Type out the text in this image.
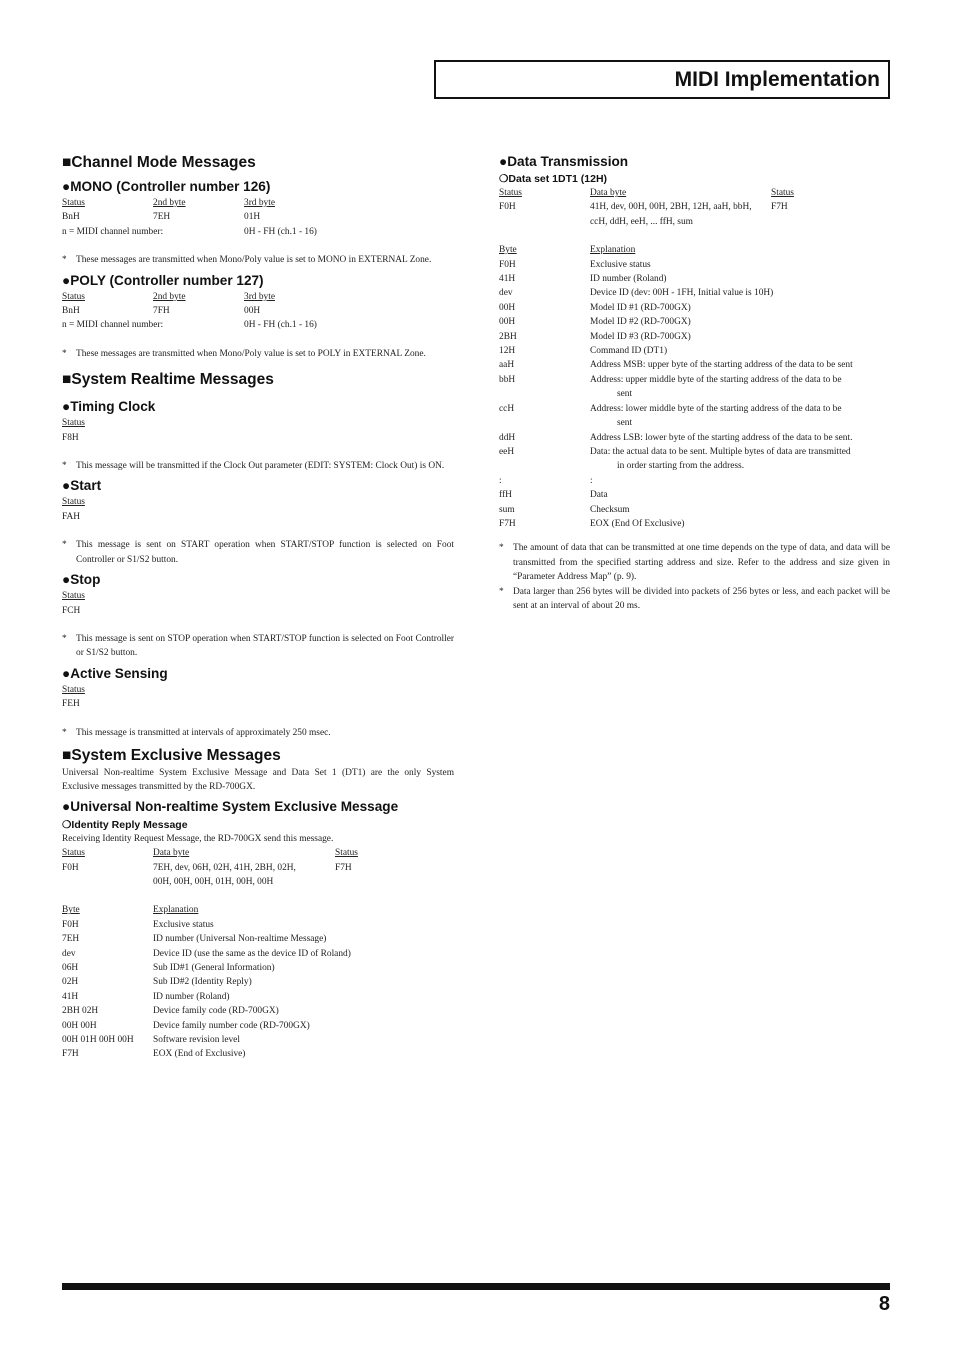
MIDI Implementation
■Channel Mode Messages
●MONO (Controller number 126)
Status	2nd byte	3rd byte
BnH	7EH	01H
n = MIDI channel number:	0H - FH (ch.1 - 16)
* These messages are transmitted when Mono/Poly value is set to MONO in EXTERNAL Zone.
●POLY (Controller number 127)
Status	2nd byte	3rd byte
BnH	7FH	00H
n = MIDI channel number:	0H - FH (ch.1 - 16)
* These messages are transmitted when Mono/Poly value is set to POLY in EXTERNAL Zone.
■System Realtime Messages
●Timing Clock
Status
F8H
* This message will be transmitted if the Clock Out parameter (EDIT: SYSTEM: Clock Out) is ON.
●Start
Status
FAH
* This message is sent on START operation when START/STOP function is selected on Foot Controller or S1/S2 button.
●Stop
Status
FCH
* This message is sent on STOP operation when START/STOP function is selected on Foot Controller or S1/S2 button.
●Active Sensing
Status
FEH
* This message is transmitted at intervals of approximately 250 msec.
■System Exclusive Messages
Universal Non-realtime System Exclusive Message and Data Set 1 (DT1) are the only System Exclusive messages transmitted by the RD-700GX.
●Universal Non-realtime System Exclusive Message
❍Identity Reply Message
Receiving Identity Request Message, the RD-700GX send this message.
Status	Data byte	Status
F0H	7EH, dev, 06H, 02H, 41H, 2BH, 02H,	F7H
00H, 00H, 00H, 01H, 00H, 00H
Byte	Explanation
F0H	Exclusive status
7EH	ID number (Universal Non-realtime Message)
dev	Device ID (use the same as the device ID of Roland)
06H	Sub ID#1 (General Information)
02H	Sub ID#2 (Identity Reply)
41H	ID number (Roland)
2BH 02H	Device family code (RD-700GX)
00H 00H	Device family number code (RD-700GX)
00H 01H 00H 00H	Software revision level
F7H	EOX (End of Exclusive)
●Data Transmission
❍Data set 1DT1 (12H)
Status	Data byte	Status
F0H	41H, dev, 00H, 00H, 2BH, 12H, aaH, bbH,	F7H
ccH, ddH, eeH, ... ffH, sum
Byte	Explanation
F0H	Exclusive status
41H	ID number (Roland)
dev	Device ID (dev: 00H - 1FH, Initial value is 10H)
00H	Model ID #1 (RD-700GX)
00H	Model ID #2 (RD-700GX)
2BH	Model ID #3 (RD-700GX)
12H	Command ID (DT1)
aaH	Address MSB: upper byte of the starting address of the data to be sent
bbH	Address: upper middle byte of the starting address of the data to be
sent
ccH	Address: lower middle byte of the starting address of the data to be
sent
ddH	Address LSB: lower byte of the starting address of the data to be sent.
eeH	Data: the actual data to be sent. Multiple bytes of data are transmitted
in order starting from the address.
:	:
ffH	Data
sum	Checksum
F7H	EOX (End Of Exclusive)
* The amount of data that can be transmitted at one time depends on the type of data, and data will be transmitted from the specified starting address and size. Refer to the address and size given in “Parameter Address Map” (p. 9).
* Data larger than 256 bytes will be divided into packets of 256 bytes or less, and each packet will be sent at an interval of about 20 ms.
8
